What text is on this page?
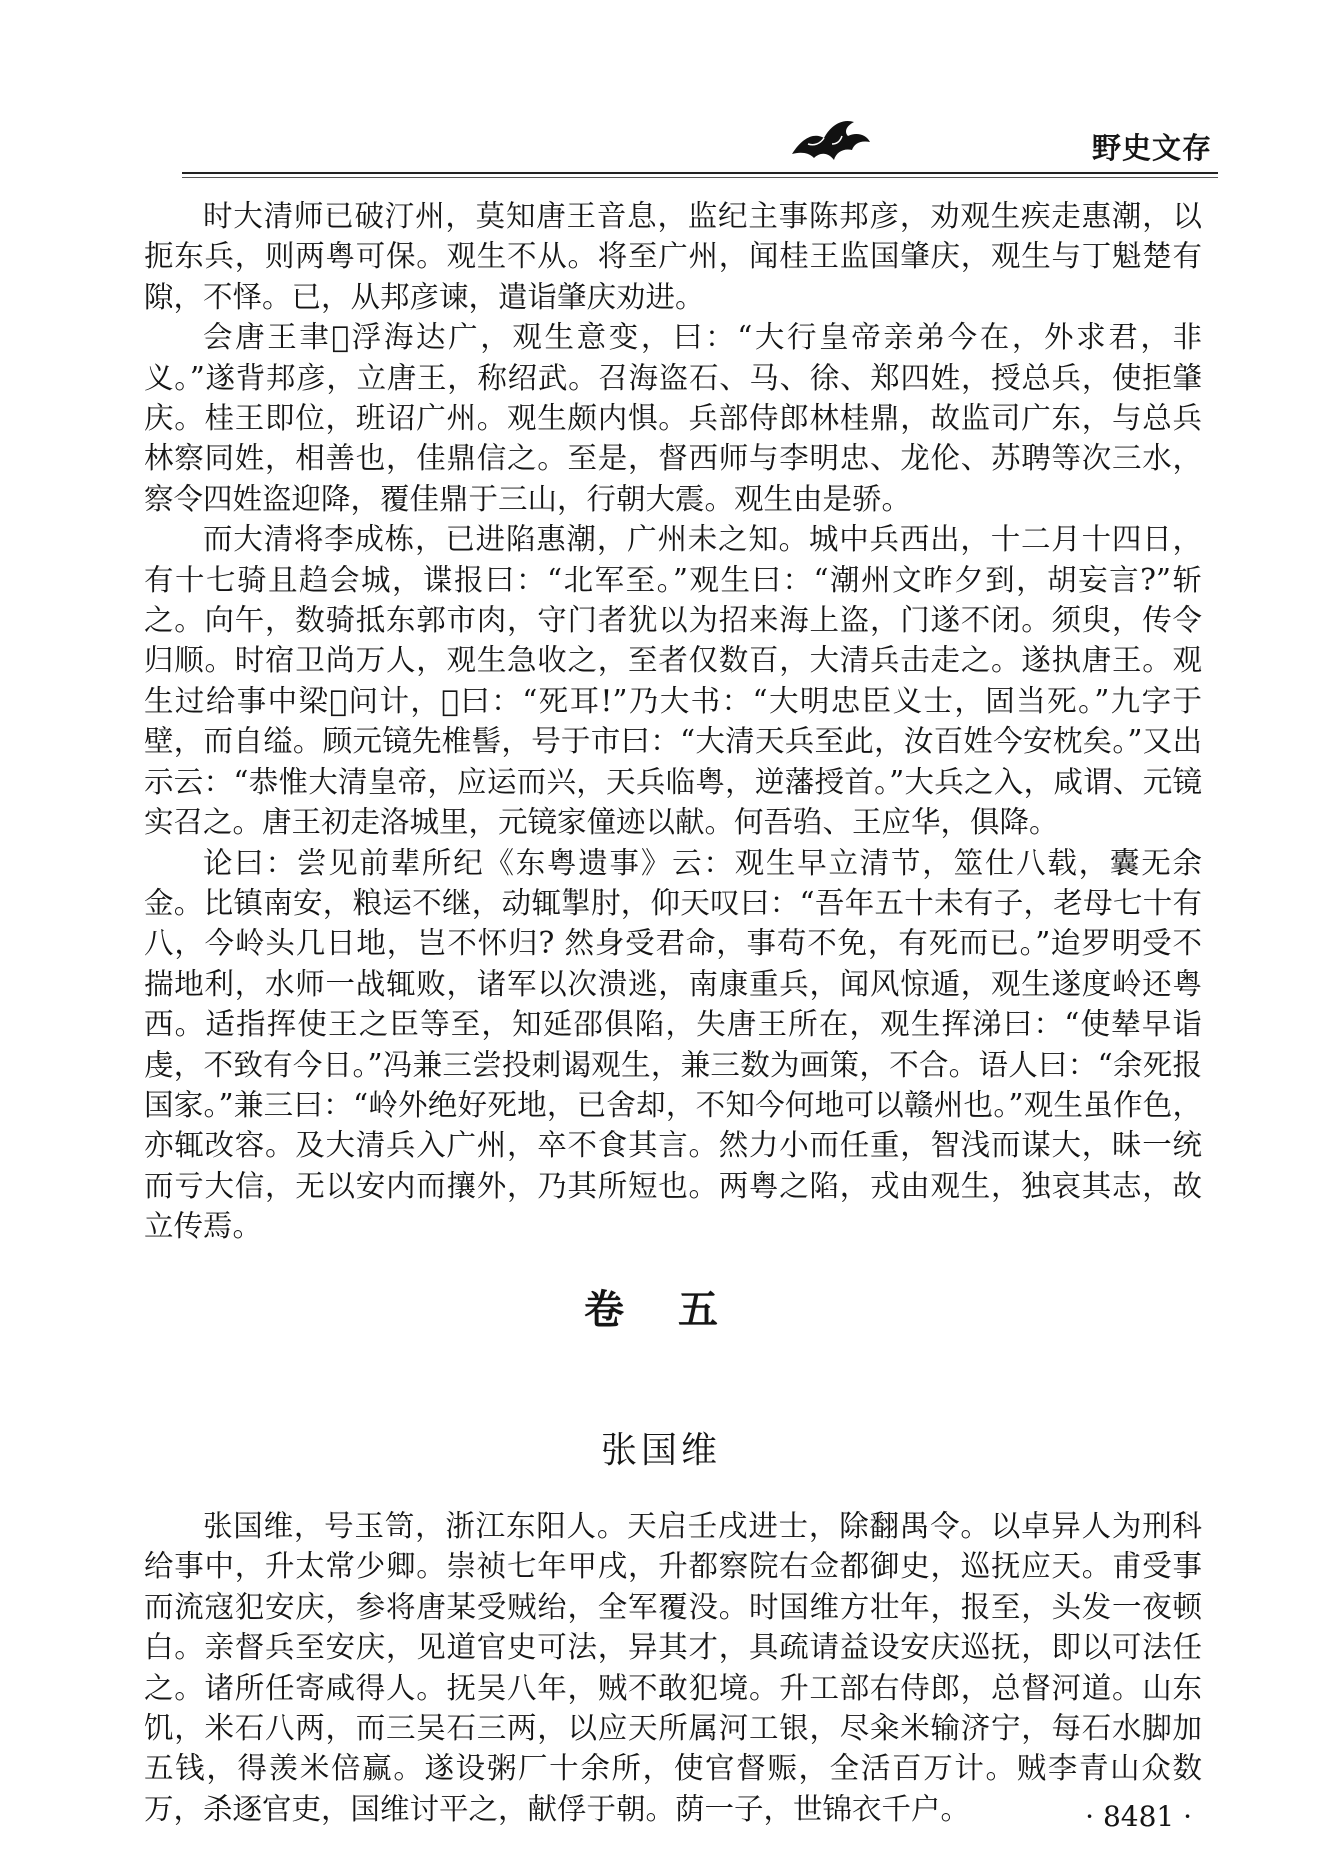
野史文存

时大清师已破汀州，莫知唐王音息，监纪主事陈邦彦，劝观生疾走惠潮，以扼东兵，则两粤可保。观生不从。将至广州，闻桂王监国肇庆，观生与丁魁楚有隙，不怿。已，从邦彦谏，遣诣肇庆劝进。

会唐王聿𨮁浮海达广，观生意变，曰：“大行皇帝亲弟今在，外求君，非义。”遂背邦彦，立唐王，称绍武。召海盗石、马、徐、郑四姓，授总兵，使拒肇庆。桂王即位，班诏广州。观生颇内惧。兵部侍郎林桂鼎，故监司广东，与总兵林察同姓，相善也，佳鼎信之。至是，督西师与李明忠、龙伦、苏聘等次三水，察令四姓盗迎降，覆佳鼎于三山，行朝大震。观生由是骄。

而大清将李成栋，已进陷惠潮，广州未之知。城中兵西出，十二月十四日，有十七骑且趋会城，谍报曰：“北军至。”观生曰：“潮州文昨夕到，胡妄言?”斩之。向午，数骑抵东郭市肉，守门者犹以为招来海上盗，门遂不闭。须臾，传令归顺。时宿卫尚万人，观生急收之，至者仅数百，大清兵击走之。遂执唐王。观生过给事中梁𬐀问计，𬐀曰：“死耳!”乃大书：“大明忠臣义士，固当死。”九字于壁，而自缢。顾元镜先椎髻，号于市曰：“大清天兵至此，汝百姓今安枕矣。”又出示云：“恭惟大清皇帝，应运而兴，天兵临粤，逆藩授首。”大兵之入，咸谓、元镜实召之。唐王初走洛城里，元镜家僮迹以献。何吾驺、王应华，俱降。

论曰：尝见前辈所纪《东粤遗事》云：观生早立清节，筮仕八载，囊无余金。比镇南安，粮运不继，动辄掣肘，仰天叹曰：“吾年五十未有子，老母七十有八，今岭头几日地，岂不怀归? 然身受君命，事苟不免，有死而已。”迨罗明受不揣地利，水师一战辄败，诸军以次溃逃，南康重兵，闻风惊遁，观生遂度岭还粤西。适指挥使王之臣等至，知延邵俱陷，失唐王所在，观生挥涕曰：“使辇早诣虔，不致有今日。”冯兼三尝投刺谒观生，兼三数为画策，不合。语人曰：“余死报国家。”兼三曰：“岭外绝好死地，已舍却，不知今何地可以赣州也。”观生虽作色，亦辄改容。及大清兵入广州，卒不食其言。然力小而任重，智浅而谋大，昧一统而亏大信，无以安内而攘外，乃其所短也。两粤之陷，戎由观生，独哀其志，故立传焉。

卷 五
张国维

张国维，号玉笥，浙江东阳人。天启壬戌进士，除翻禺令。以卓异人为刑科给事中，升太常少卿。崇祯七年甲戌，升都察院右佥都御史，巡抚应天。甫受事而流寇犯安庆，参将唐某受贼绐，全军覆没。时国维方壮年，报至，头发一夜顿白。亲督兵至安庆，见道官史可法，异其才，具疏请益设安庆巡抚，即以可法任之。诸所任寄咸得人。抚吴八年，贼不敢犯境。升工部右侍郎，总督河道。山东饥，米石八两，而三吴石三两，以应天所属河工银，尽籴米输济宁，每石水脚加五钱，得羡米倍赢。遂设粥厂十余所，使官督赈，全活百万计。贼李青山众数万，杀逐官吏，国维讨平之，献俘于朝。荫一子，世锦衣千户。	· 8481 ·
